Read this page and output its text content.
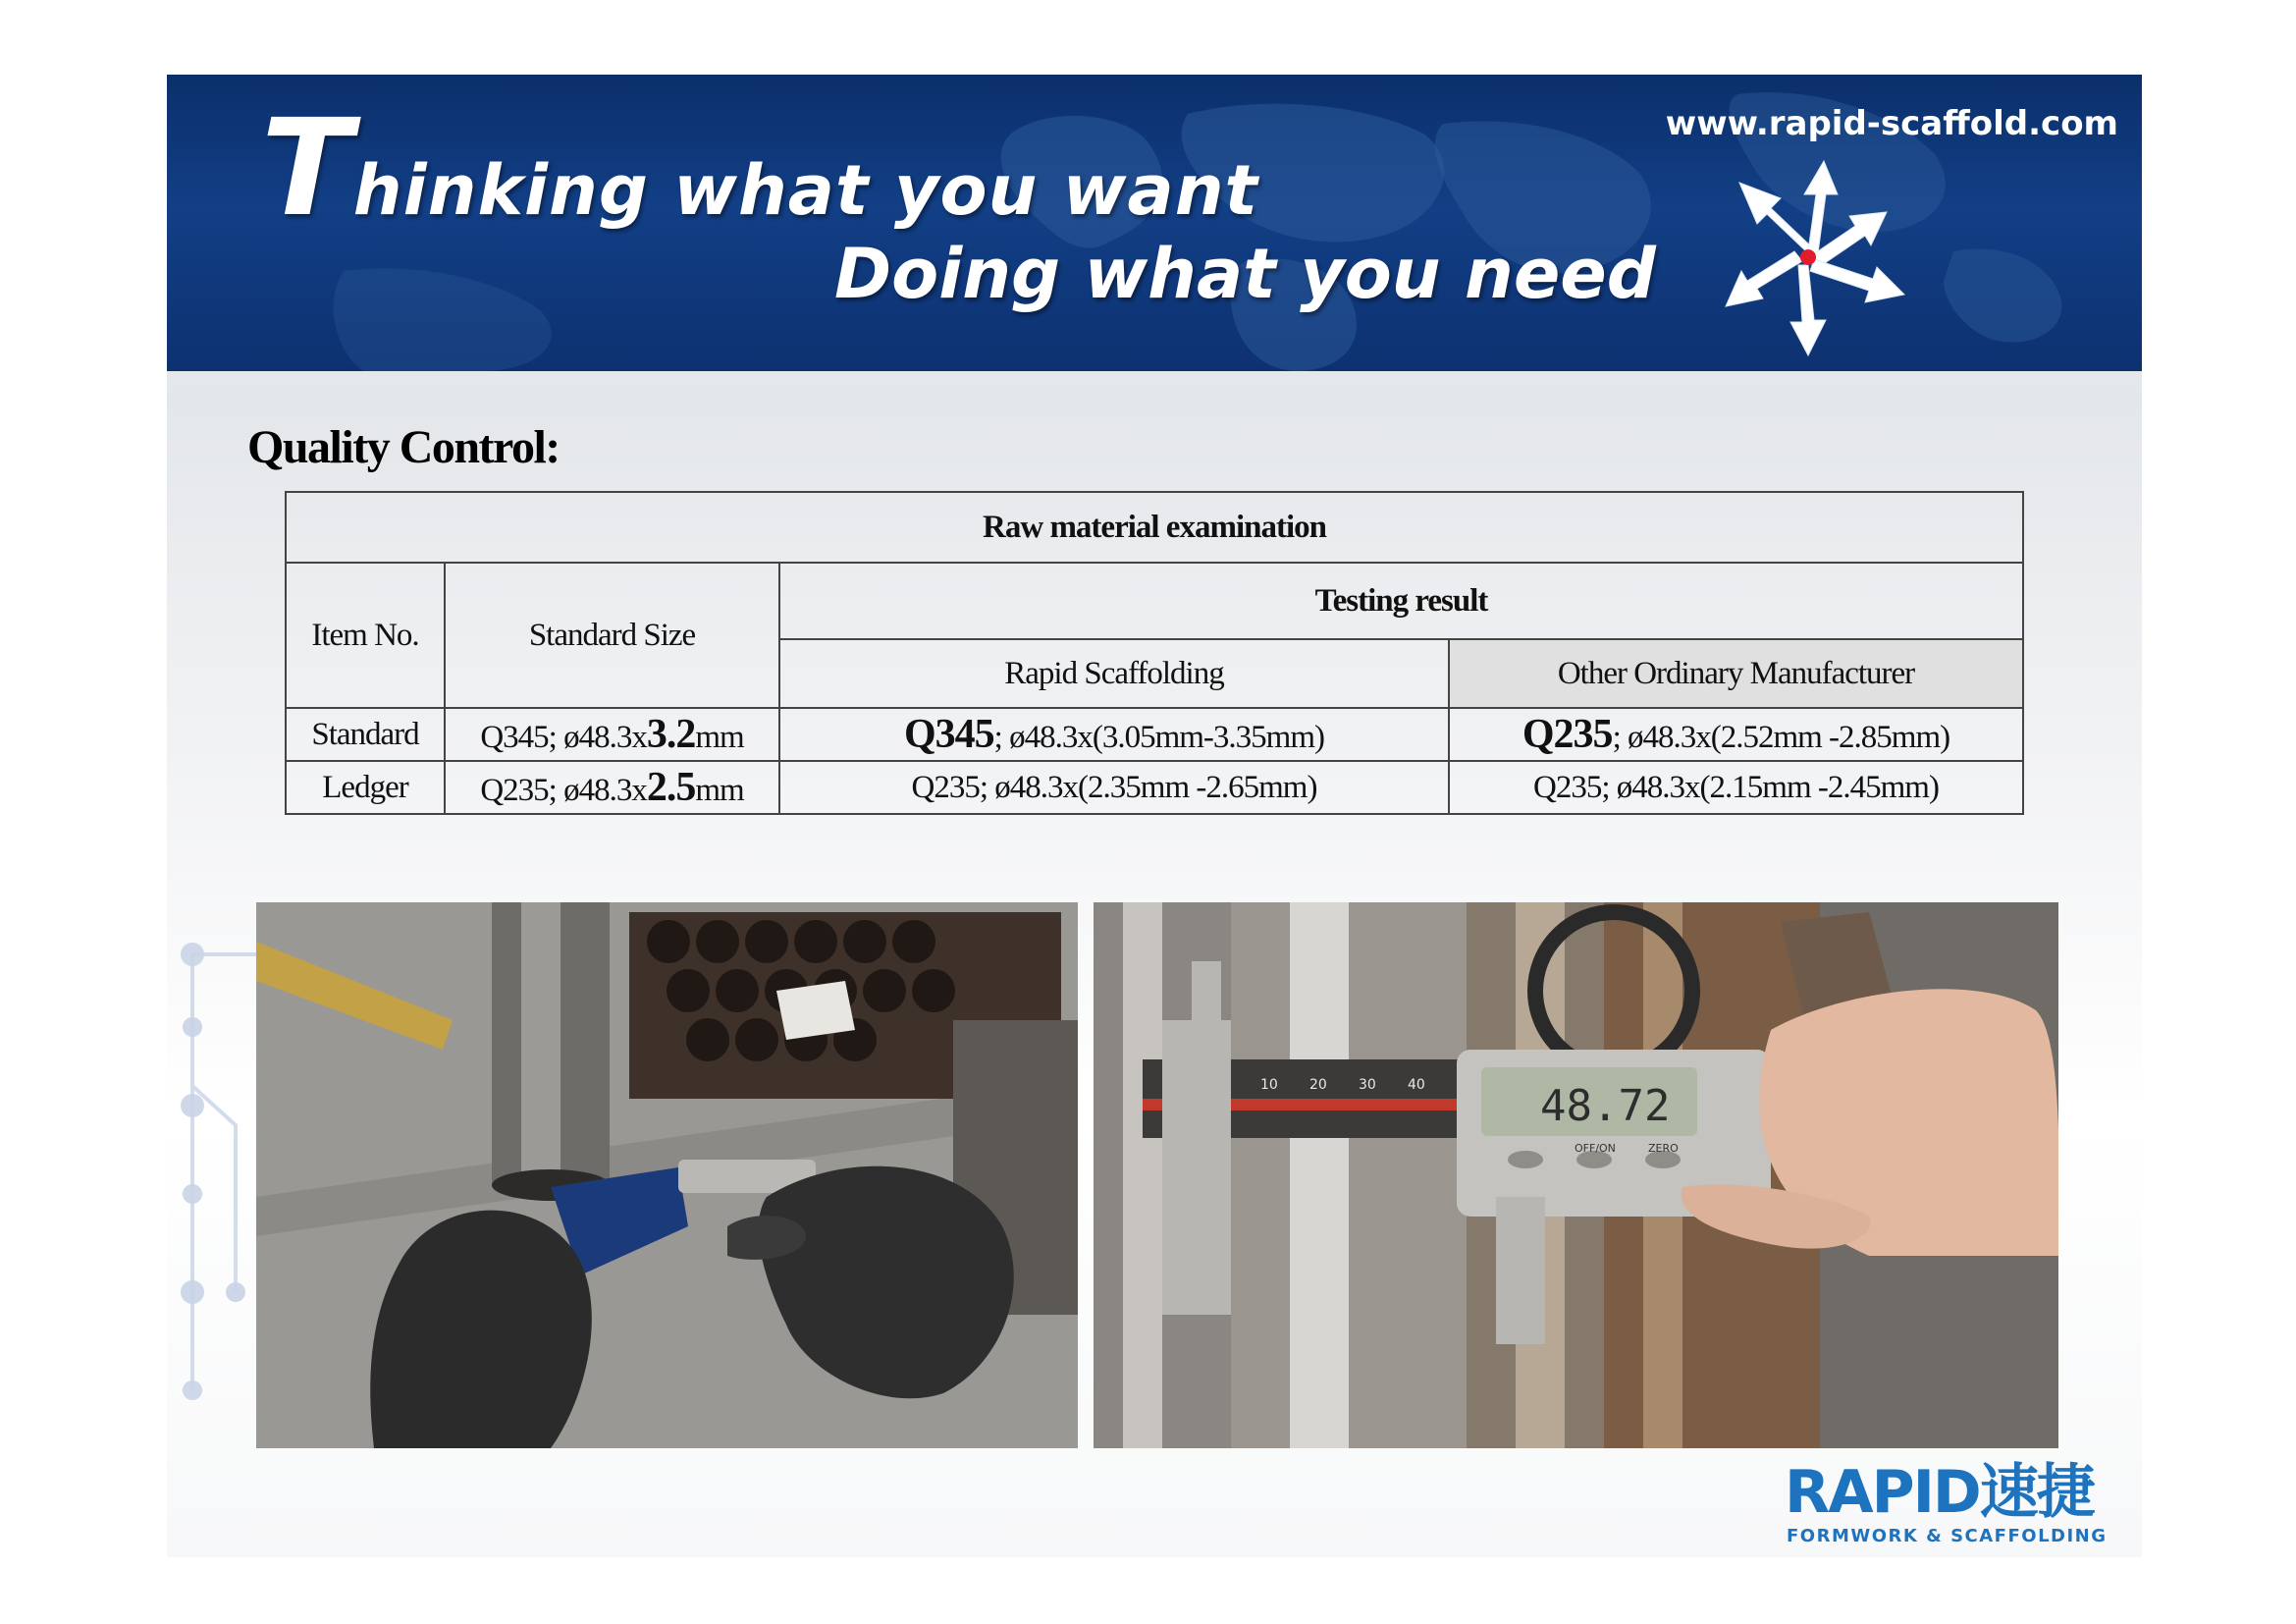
Thinking what you want
Doing what you need
www.rapid-scaffold.com
Quality Control:
Raw material examination			
Item No.	Standard Size	Testing result	
		Rapid Scaffolding	Other Ordinary Manufacturer
Standard	Q345; ø48.3x3.2mm	Q345; ø48.3x(3.05mm-3.35mm)	Q235; ø48.3x(2.52mm -2.85mm)
Ledger	Q235; ø48.3x2.5mm	Q235; ø48.3x(2.35mm -2.65mm)	Q235; ø48.3x(2.15mm -2.45mm)
10 20 30 40	48.72
OFF/ON	ZERO
RAPID速捷
FORMWORK & SCAFFOLDING
